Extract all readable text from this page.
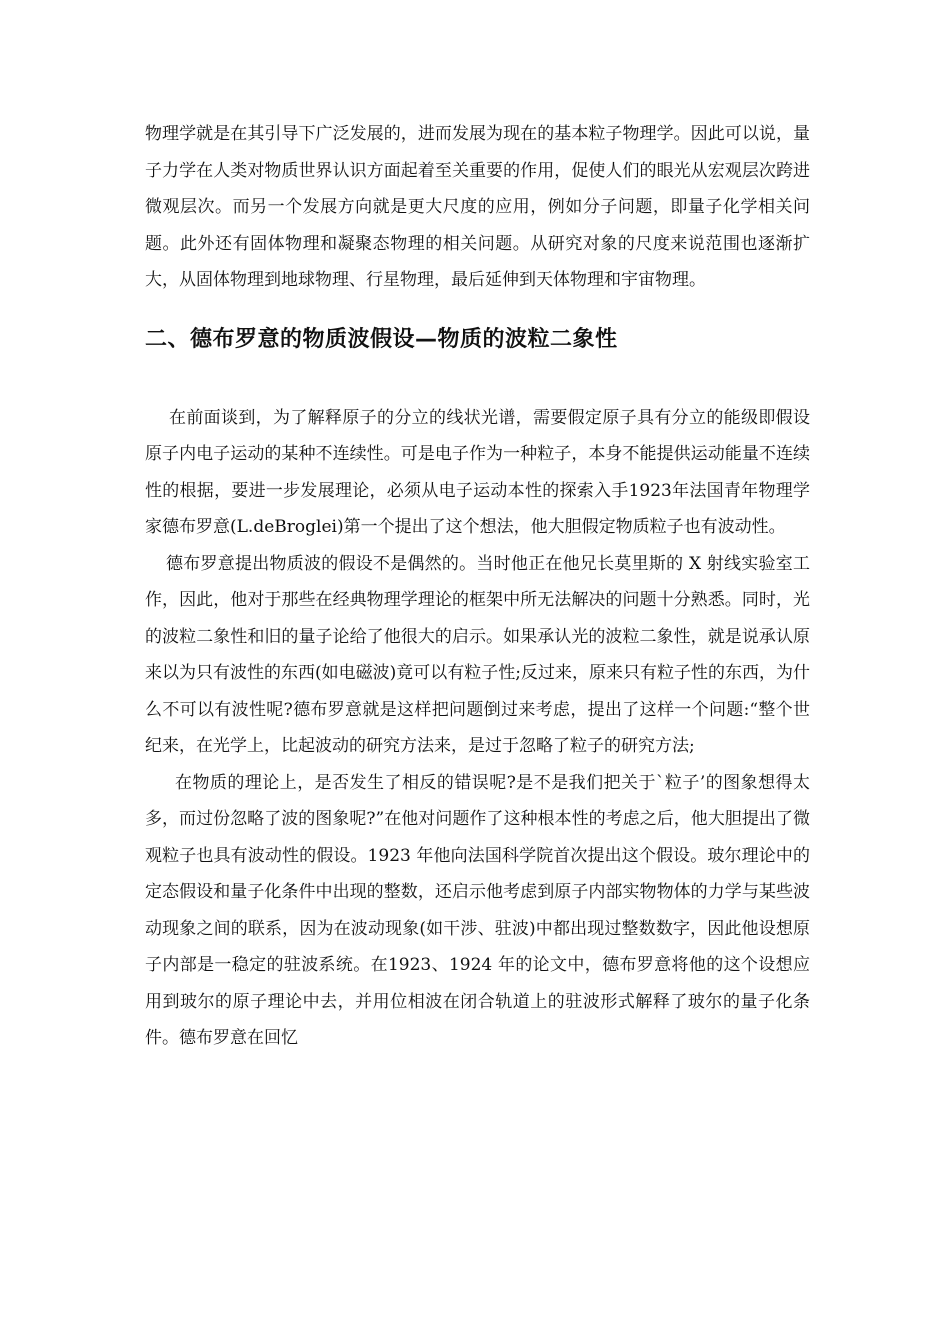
物理学就是在其引导下广泛发展的，进而发展为现在的基本粒子物理学。因此可以说，量子力学在人类对物质世界认识方面起着至关重要的作用，促使人们的眼光从宏观层次跨进微观层次。而另一个发展方向就是更大尺度的应用，例如分子问题，即量子化学相关问题。此外还有固体物理和凝聚态物理的相关问题。从研究对象的尺度来说范围也逐渐扩大，从固体物理到地球物理、行星物理，最后延伸到天体物理和宇宙物理。

二、德布罗意的物质波假设—物质的波粒二象性

在前面谈到，为了解释原子的分立的线状光谱，需要假定原子具有分立的能级即假设原子内电子运动的某种不连续性。可是电子作为一种粒子，本身不能提供运动能量不连续性的根据，要进一步发展理论，必须从电子运动本性的探索入手1923年法国青年物理学家德布罗意(L.deBroglei)第一个提出了这个想法，他大胆假定物质粒子也有波动性。

德布罗意提出物质波的假设不是偶然的。当时他正在他兄长莫里斯的 X 射线实验室工作，因此，他对于那些在经典物理学理论的框架中所无法解决的问题十分熟悉。同时，光的波粒二象性和旧的量子论给了他很大的启示。如果承认光的波粒二象性，就是说承认原来以为只有波性的东西(如电磁波)竟可以有粒子性;反过来，原来只有粒子性的东西，为什么不可以有波性呢?德布罗意就是这样把问题倒过来考虑，提出了这样一个问题:“整个世纪来，在光学上，比起波动的研究方法来，是过于忽略了粒子的研究方法;

在物质的理论上，是否发生了相反的错误呢?是不是我们把关于`粒子’的图象想得太多，而过份忽略了波的图象呢?”在他对问题作了这种根本性的考虑之后，他大胆提出了微观粒子也具有波动性的假设。1923 年他向法国科学院首次提出这个假设。玻尔理论中的定态假设和量子化条件中出现的整数，还启示他考虑到原子内部实物物体的力学与某些波动现象之间的联系，因为在波动现象(如干涉、驻波)中都出现过整数数字，因此他设想原子内部是一稳定的驻波系统。在1923、1924 年的论文中，德布罗意将他的这个设想应用到玻尔的原子理论中去，并用位相波在闭合轨道上的驻波形式解释了玻尔的量子化条件。德布罗意在回忆
